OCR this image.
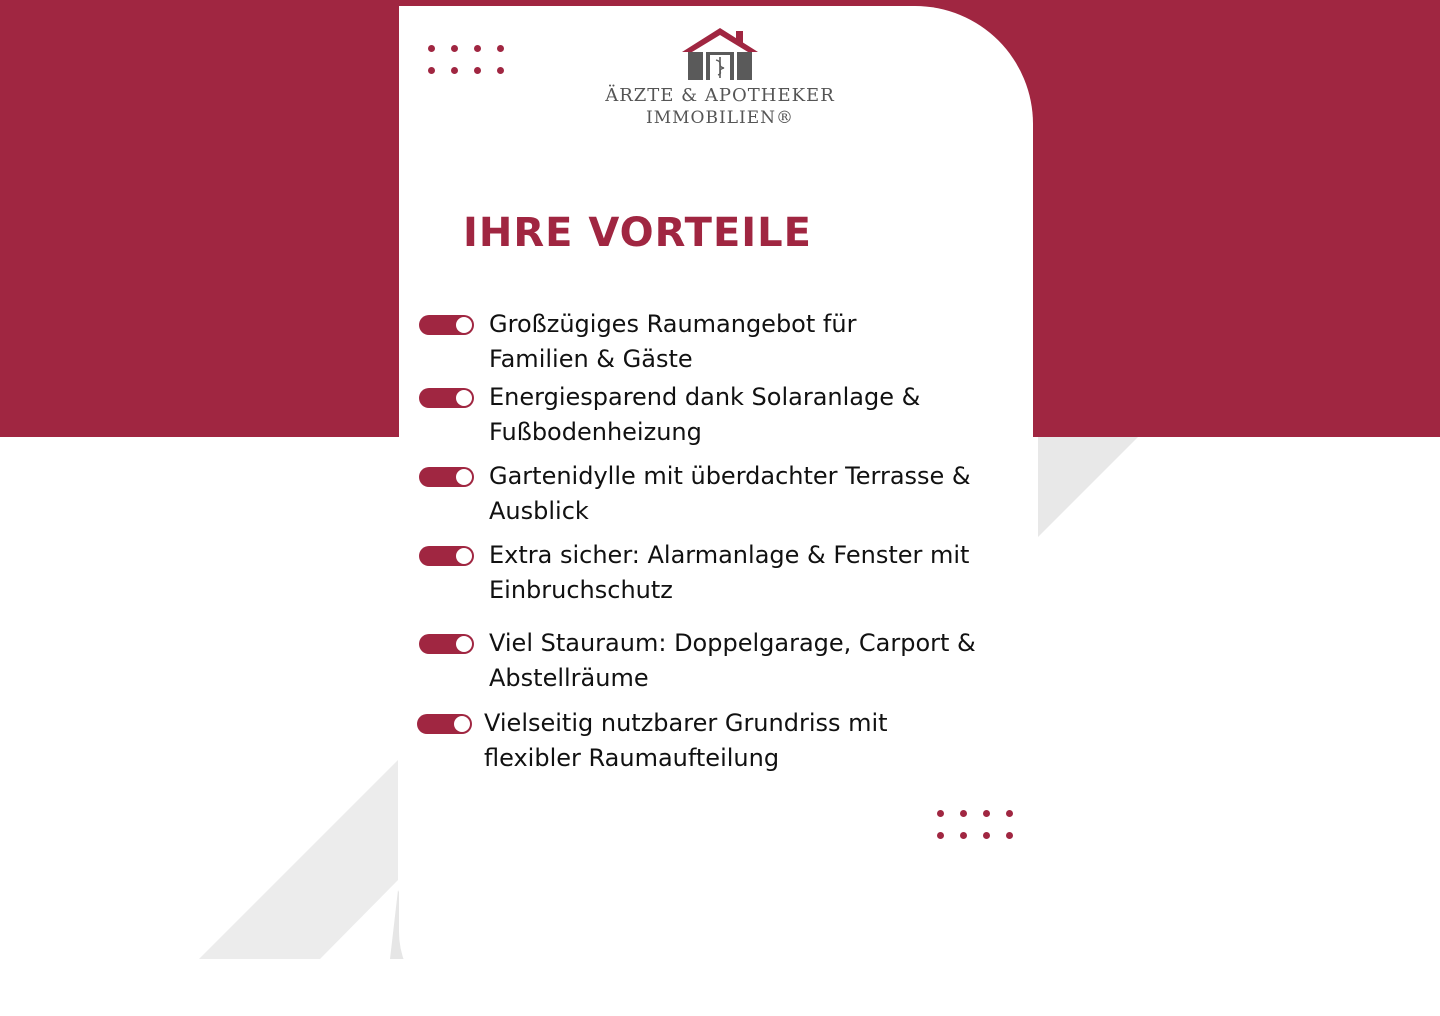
ÄRZTE & APOTHEKER
IMMOBILIEN®
IHRE VORTEILE
Großzügiges Raumangebot für
Familien & Gäste
Energiesparend dank Solaranlage &
Fußbodenheizung
Gartenidylle mit überdachter Terrasse &
Ausblick
Extra sicher: Alarmanlage & Fenster mit
Einbruchschutz
Viel Stauraum: Doppelgarage, Carport &
Abstellräume
Vielseitig nutzbarer Grundriss mit
flexibler Raumaufteilung
